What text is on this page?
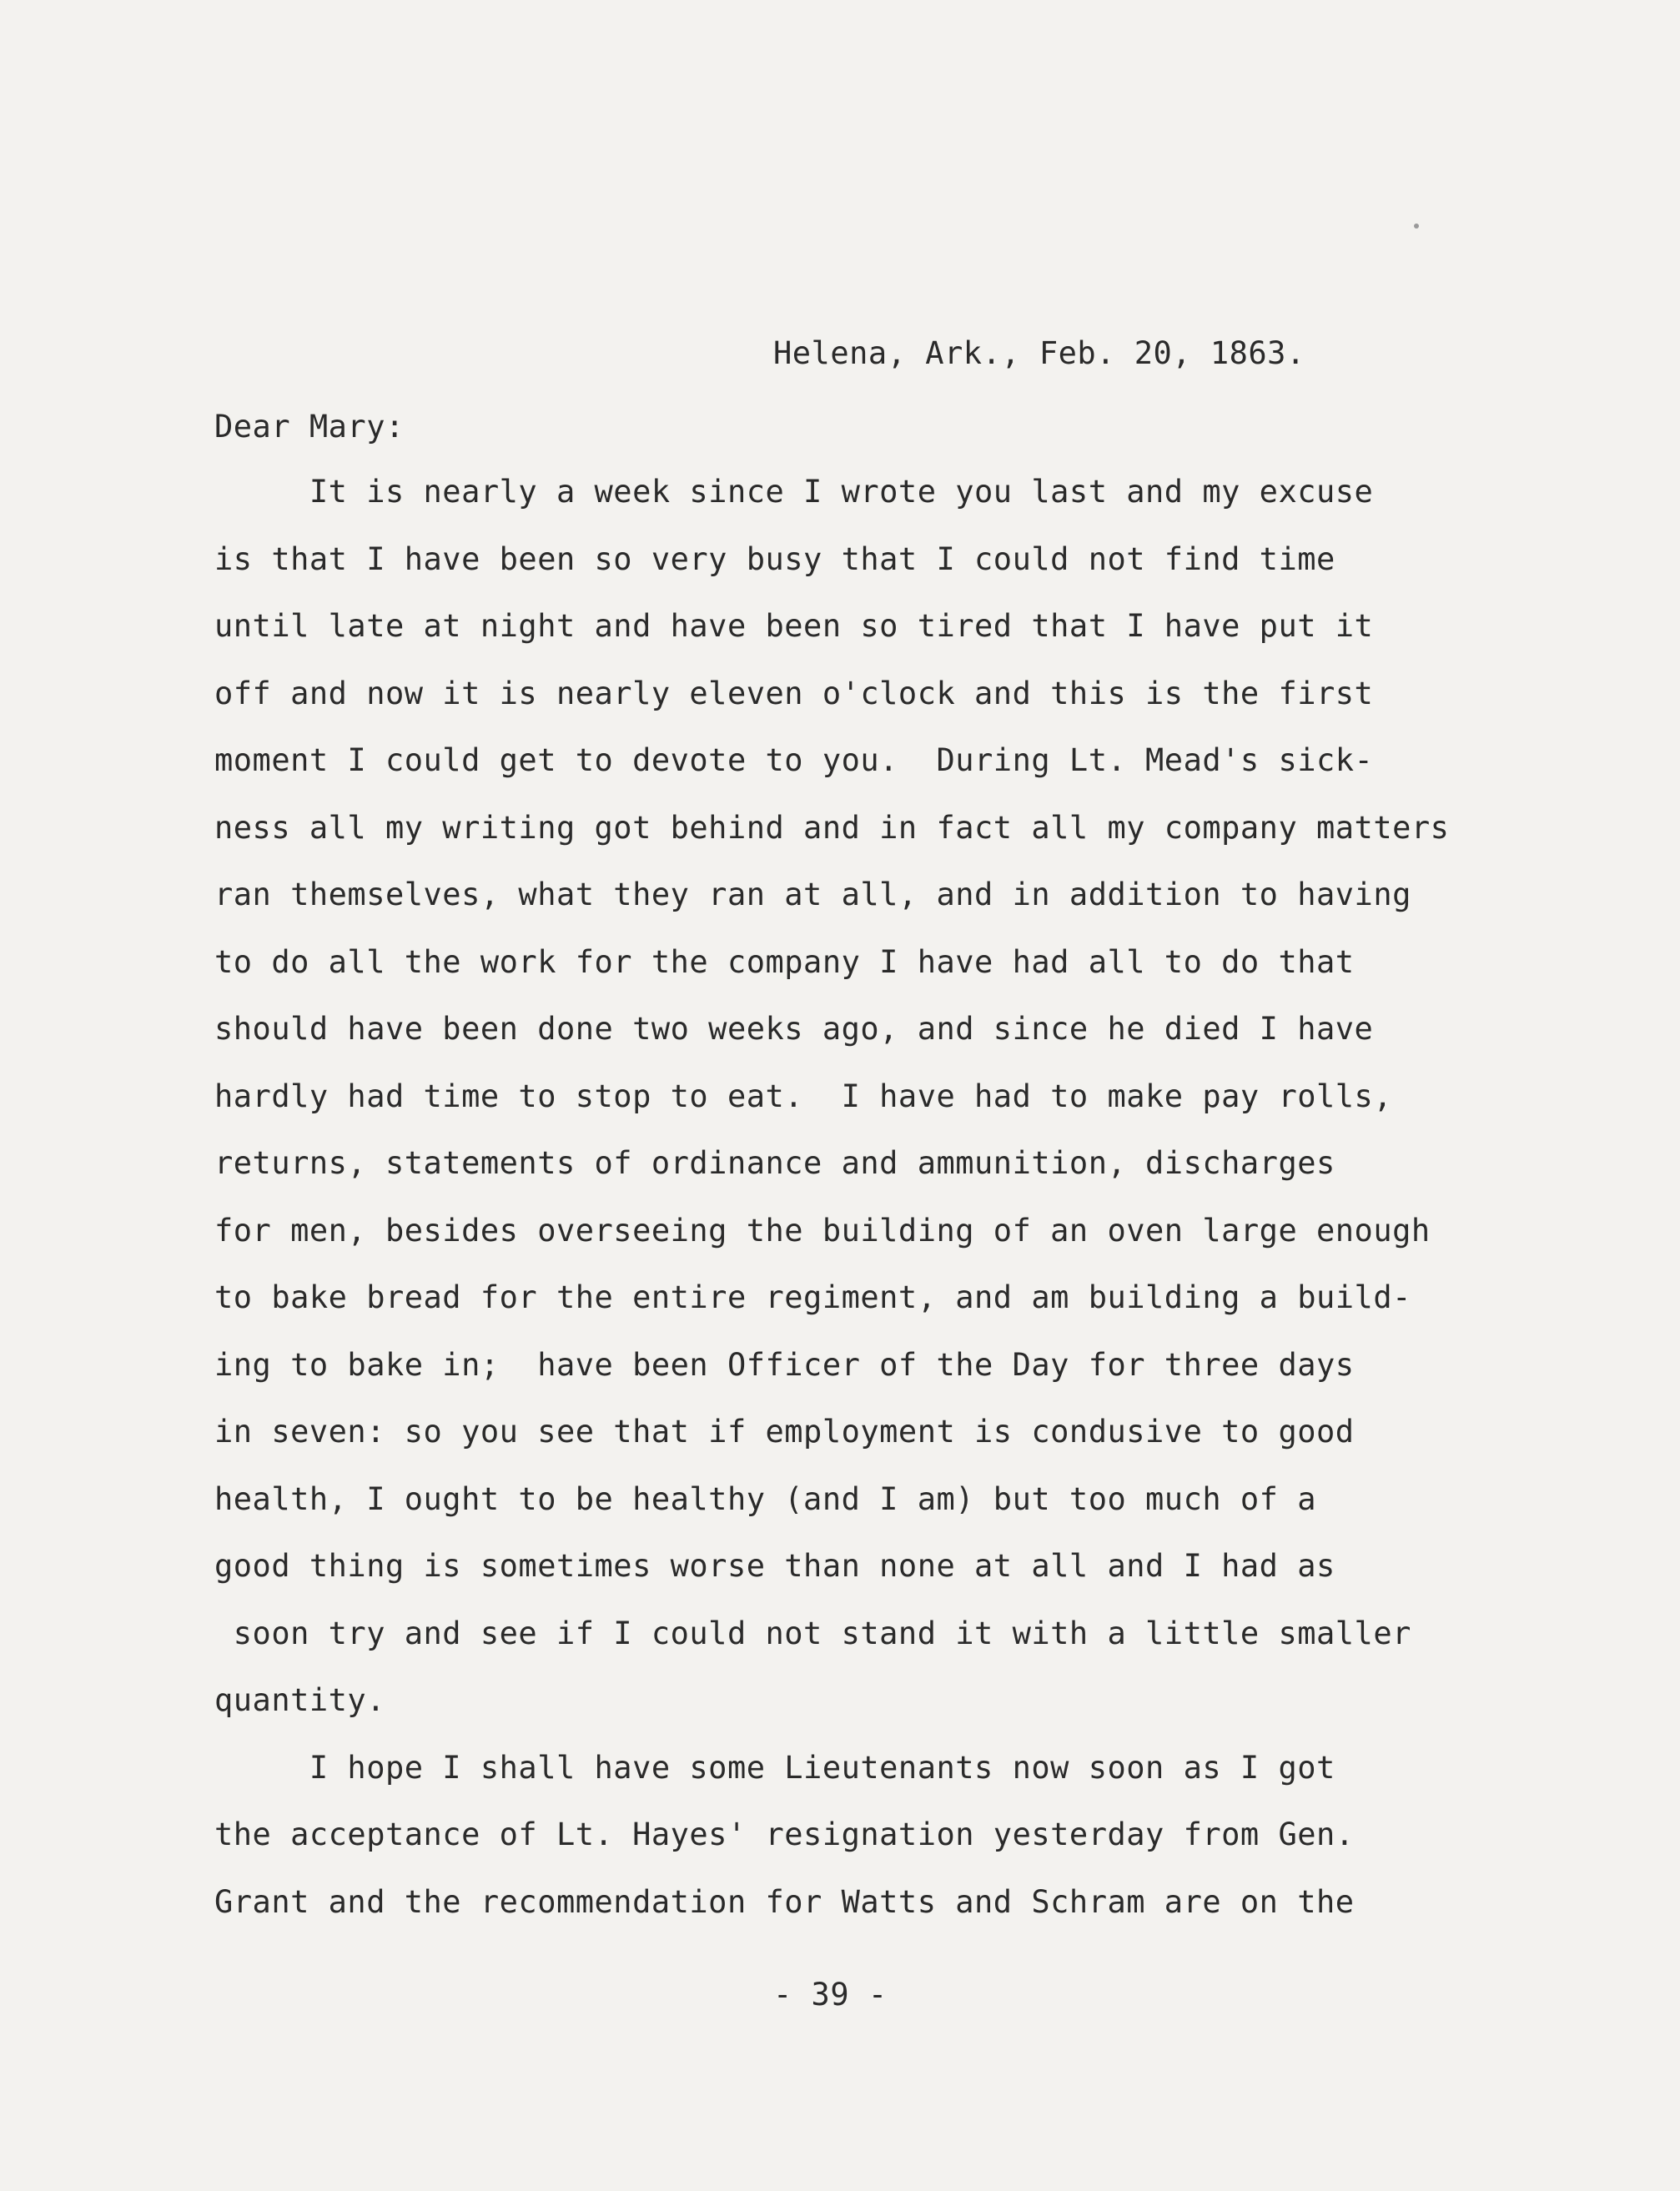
Helena, Ark., Feb. 20, 1863.
Dear Mary:
It is nearly a week since I wrote you last and my excuse
is that I have been so very busy that I could not find time
until late at night and have been so tired that I have put it
off and now it is nearly eleven o'clock and this is the first
moment I could get to devote to you.  During Lt. Mead's sick-
ness all my writing got behind and in fact all my company matters
ran themselves, what they ran at all, and in addition to having
to do all the work for the company I have had all to do that
should have been done two weeks ago, and since he died I have
hardly had time to stop to eat.  I have had to make pay rolls,
returns, statements of ordinance and ammunition, discharges
for men, besides overseeing the building of an oven large enough
to bake bread for the entire regiment, and am building a build-
ing to bake in;  have been Officer of the Day for three days
in seven: so you see that if employment is condusive to good
health, I ought to be healthy (and I am) but too much of a
good thing is sometimes worse than none at all and I had as
soon try and see if I could not stand it with a little smaller
quantity.
I hope I shall have some Lieutenants now soon as I got
the acceptance of Lt. Hayes' resignation yesterday from Gen.
Grant and the recommendation for Watts and Schram are on the
- 39 -
